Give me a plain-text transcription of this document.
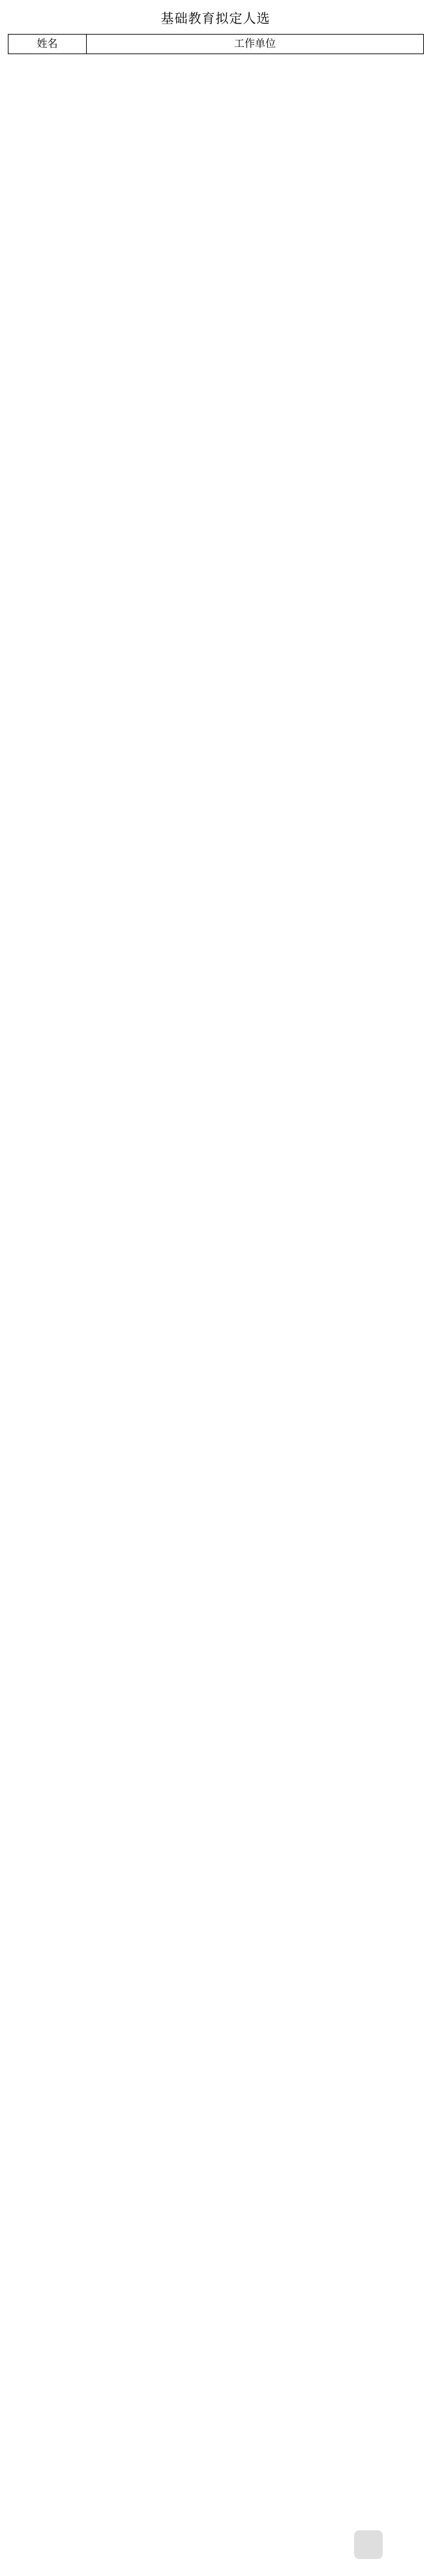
基础教育拟定人选
姓名	工作单位
川观
